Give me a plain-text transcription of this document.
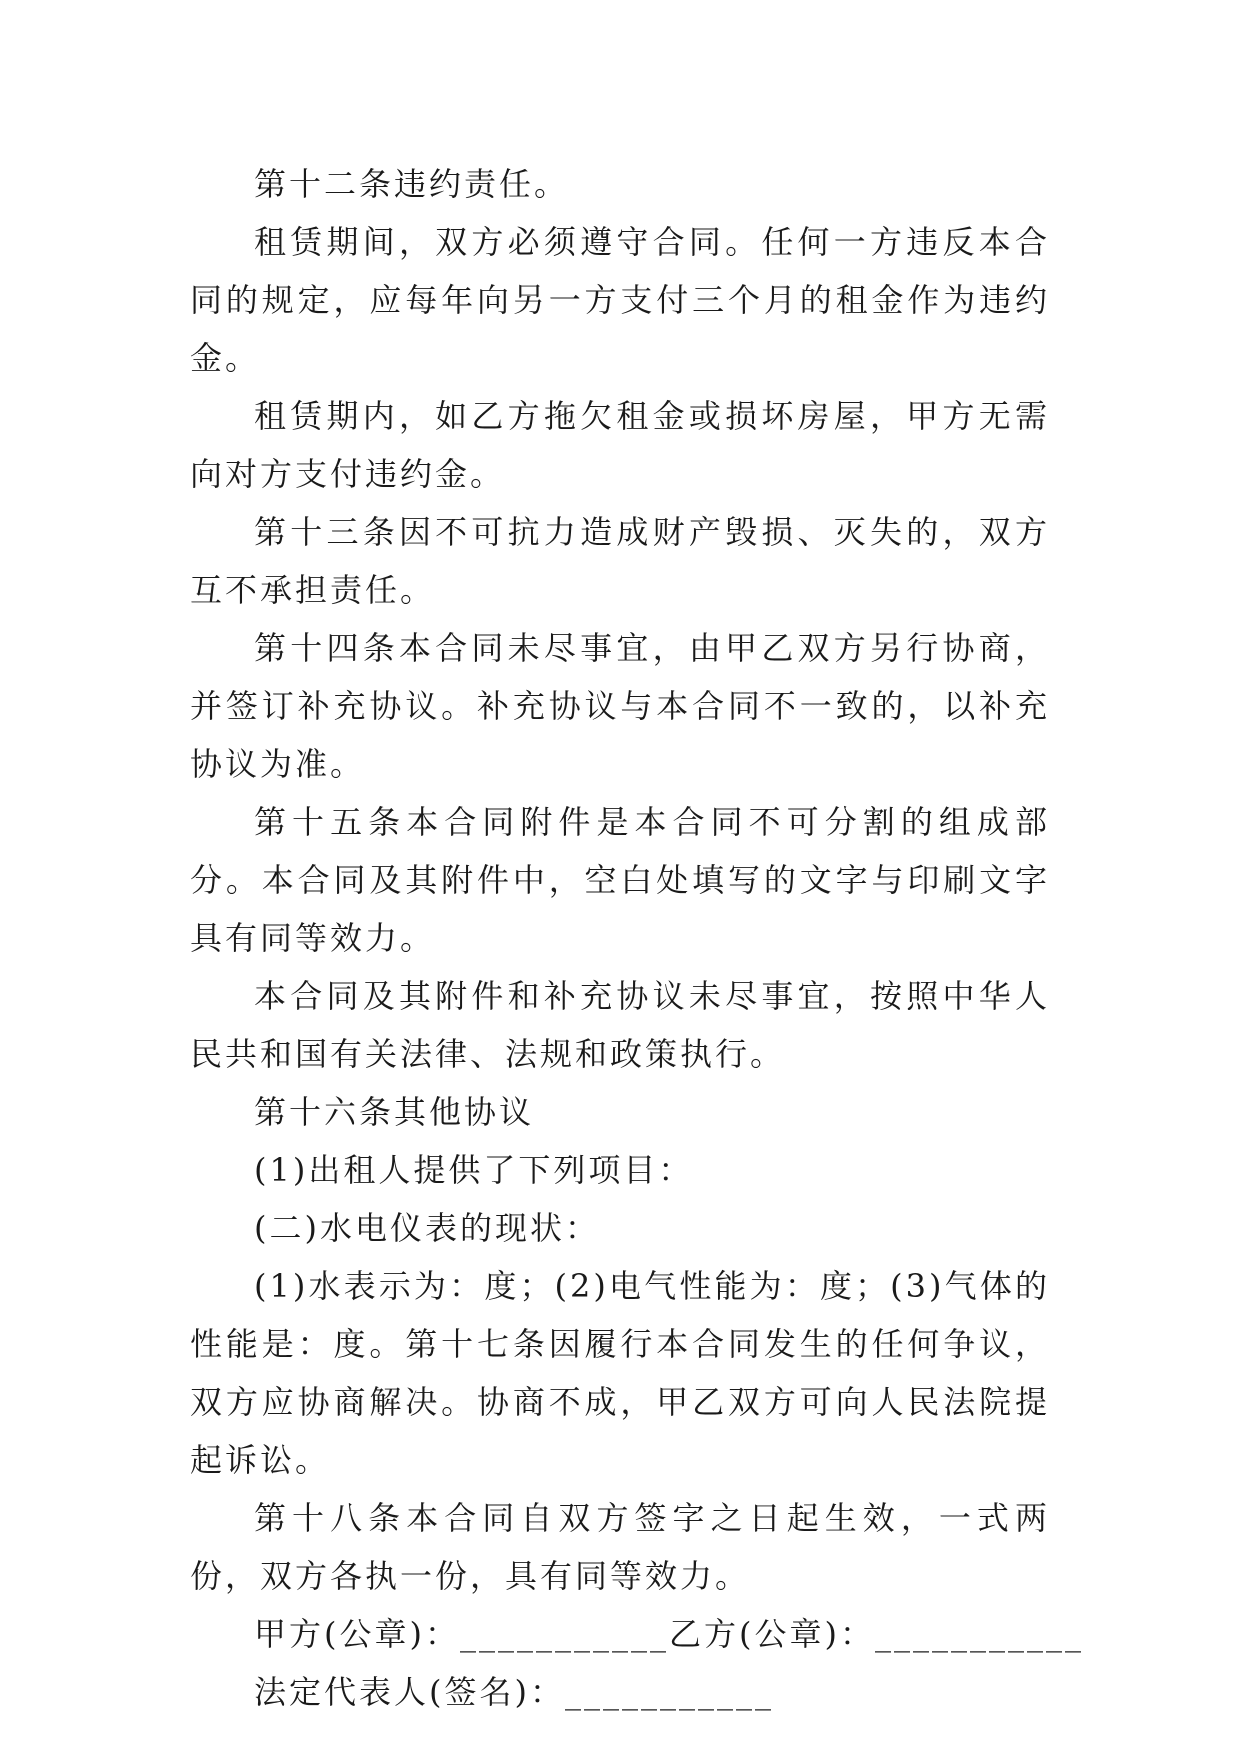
第十二条违约责任。

租赁期间，双方必须遵守合同。任何一方违反本合同的规定，应每年向另一方支付三个月的租金作为违约金。

租赁期内，如乙方拖欠租金或损坏房屋，甲方无需向对方支付违约金。

第十三条因不可抗力造成财产毁损、灭失的，双方互不承担责任。

第十四条本合同未尽事宜，由甲乙双方另行协商，并签订补充协议。补充协议与本合同不一致的，以补充协议为准。

第十五条本合同附件是本合同不可分割的组成部分。本合同及其附件中，空白处填写的文字与印刷文字具有同等效力。

本合同及其附件和补充协议未尽事宜，按照中华人民共和国有关法律、法规和政策执行。

第十六条其他协议

(1)出租人提供了下列项目：

(二)水电仪表的现状：

(1)水表示为：度；(2)电气性能为：度；(3)气体的性能是：度。第十七条因履行本合同发生的任何争议，双方应协商解决。协商不成，甲乙双方可向人民法院提起诉讼。

第十八条本合同自双方签字之日起生效，一式两份，双方各执一份，具有同等效力。

甲方(公章)：___________乙方(公章)：___________

法定代表人(签名)：___________
